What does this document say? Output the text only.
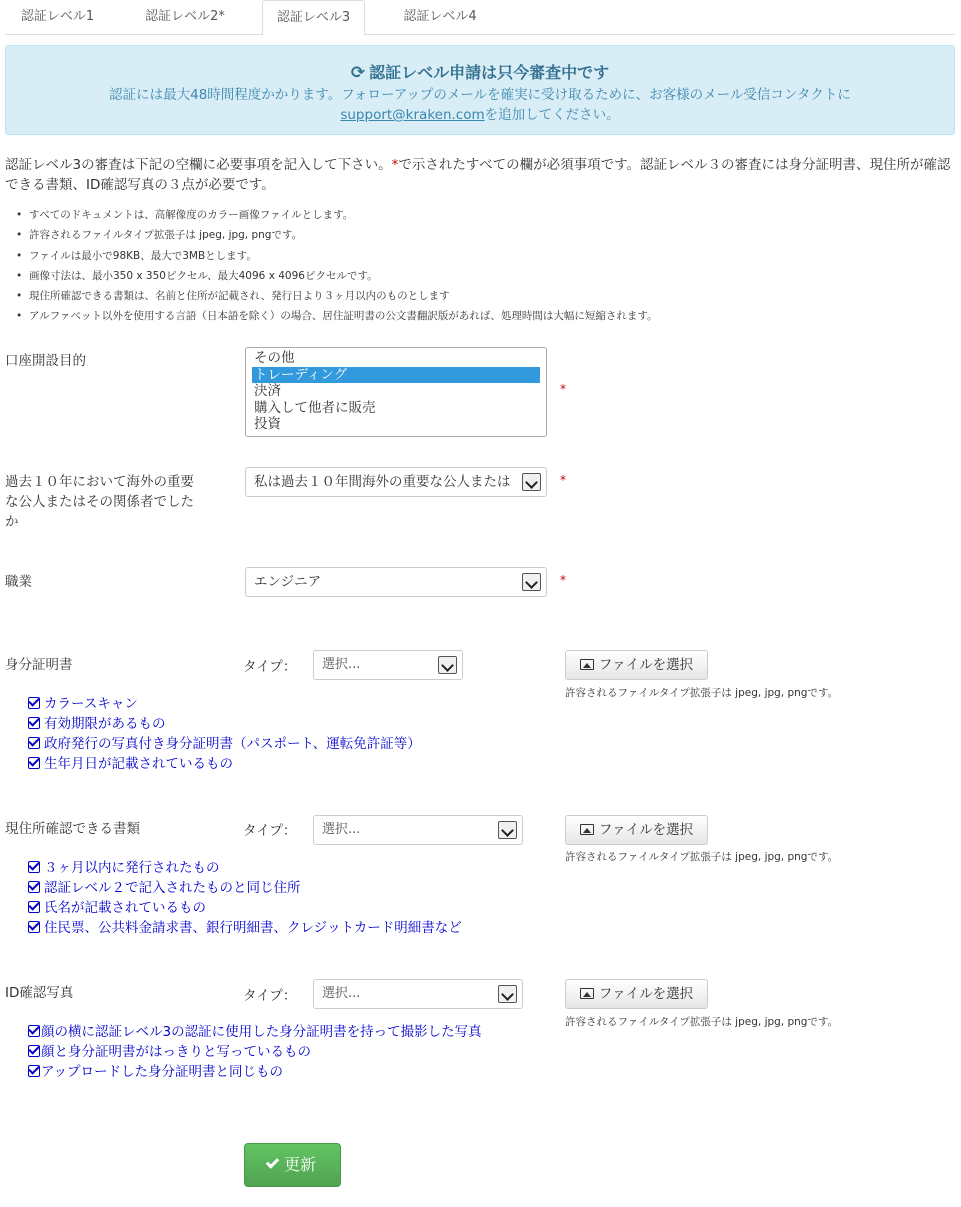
認証レベル1	認証レベル2*	認証レベル3	認証レベル4
⟳ 認証レベル申請は只今審査中です
認証には最大48時間程度かかります。フォローアップのメールを確実に受け取るために、お客様のメール受信コンタクトに
support@kraken.comを追加してください。
認証レベル3の審査は下記の空欄に必要事項を記入して下さい。*で示されたすべての欄が必須事項です。認証レベル３の審査には身分証明書、現住所が確認できる書類、ID確認写真の３点が必要です。
• すべてのドキュメントは、高解像度のカラー画像ファイルとします。
• 許容されるファイルタイプ拡張子は jpeg, jpg, pngです。
• ファイルは最小で98KB、最大で3MBとします。
• 画像寸法は、最小350 x 350ピクセル、最大4096 x 4096ピクセルです。
• 現住所確認できる書類は、名前と住所が記載され、発行日より３ヶ月以内のものとします
• アルファベット以外を使用する言語（日本語を除く）の場合、居住証明書の公文書翻訳版があれば、処理時間は大幅に短縮されます。
口座開設目的	その他
トレーディング
決済
購入して他者に販売
投資
*
過去１０年において海外の重要
な公人またはその関係者でした
か
私は過去１０年間海外の重要な公人または	*
職業	エンジニア	*
身分証明書	タイプ：	選択...	ファイルを選択
許容されるファイルタイプ拡張子は jpeg, jpg, pngです。
カラースキャン
有効期限があるもの
政府発行の写真付き身分証明書（パスポート、運転免許証等）
生年月日が記載されているもの
現住所確認できる書類	タイプ：	選択...	ファイルを選択
許容されるファイルタイプ拡張子は jpeg, jpg, pngです。
３ヶ月以内に発行されたもの
認証レベル２で記入されたものと同じ住所
氏名が記載されているもの
住民票、公共料金請求書、銀行明細書、クレジットカード明細書など
ID確認写真	タイプ：	選択...	ファイルを選択
許容されるファイルタイプ拡張子は jpeg, jpg, pngです。
顔の横に認証レベル3の認証に使用した身分証明書を持って撮影した写真
顔と身分証明書がはっきりと写っているもの
アップロードした身分証明書と同じもの
更新
